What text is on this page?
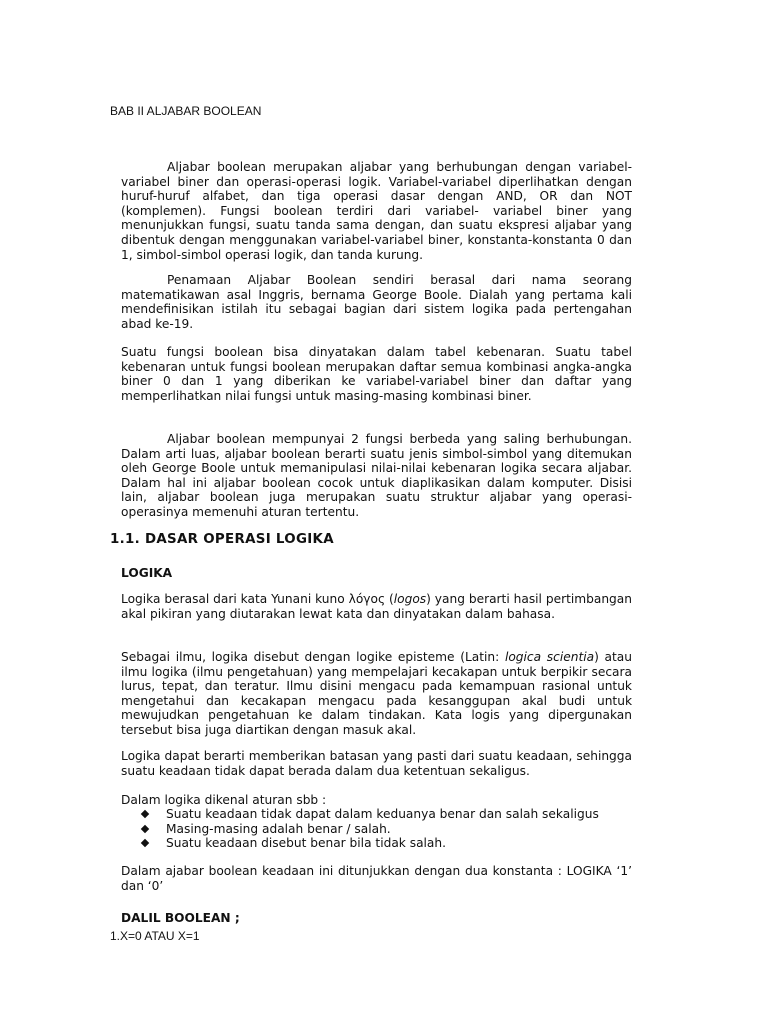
BAB II ALJABAR BOOLEAN

Aljabar boolean merupakan aljabar yang berhubungan dengan variabel-variabel biner dan operasi-operasi logik. Variabel-variabel diperlihatkan dengan huruf-huruf alfabet, dan tiga operasi dasar dengan AND, OR dan NOT (komplemen). Fungsi boolean terdiri dari variabel- variabel biner yang menunjukkan fungsi, suatu tanda sama dengan, dan suatu ekspresi aljabar yang dibentuk dengan menggunakan variabel-variabel biner, konstanta-konstanta 0 dan 1, simbol-simbol operasi logik, dan tanda kurung.

Penamaan Aljabar Boolean sendiri berasal dari nama seorang matematikawan asal Inggris, bernama George Boole. Dialah yang pertama kali mendefinisikan istilah itu sebagai bagian dari sistem logika pada pertengahan abad ke-19.

Suatu fungsi boolean bisa dinyatakan dalam tabel kebenaran. Suatu tabel kebenaran untuk fungsi boolean merupakan daftar semua kombinasi angka-angka biner 0 dan 1 yang diberikan ke variabel-variabel biner dan daftar yang memperlihatkan nilai fungsi untuk masing-masing kombinasi biner.

Aljabar boolean mempunyai 2 fungsi berbeda yang saling berhubungan. Dalam arti luas, aljabar boolean berarti suatu jenis simbol-simbol yang ditemukan oleh George Boole untuk memanipulasi nilai-nilai kebenaran logika secara aljabar. Dalam hal ini aljabar boolean cocok untuk diaplikasikan dalam komputer. Disisi lain, aljabar boolean juga merupakan suatu struktur aljabar yang operasi-operasinya memenuhi aturan tertentu.

1.1. DASAR OPERASI LOGIKA

LOGIKA

Logika berasal dari kata Yunani kuno λόγος (logos) yang berarti hasil pertimbangan akal pikiran yang diutarakan lewat kata dan dinyatakan dalam bahasa.

Sebagai ilmu, logika disebut dengan logike episteme (Latin: logica scientia) atau ilmu logika (ilmu pengetahuan) yang mempelajari kecakapan untuk berpikir secara lurus, tepat, dan teratur. Ilmu disini mengacu pada kemampuan rasional untuk mengetahui dan kecakapan mengacu pada kesanggupan akal budi untuk mewujudkan pengetahuan ke dalam tindakan. Kata logis yang dipergunakan tersebut bisa juga diartikan dengan masuk akal.

Logika dapat berarti memberikan batasan yang pasti dari suatu keadaan, sehingga suatu keadaan tidak dapat berada dalam dua ketentuan sekaligus.

Dalam logika dikenal aturan sbb :

Suatu keadaan tidak dapat dalam keduanya benar dan salah sekaligus
Masing-masing adalah benar / salah.
Suatu keadaan disebut benar bila tidak salah.

Dalam ajabar boolean keadaan ini ditunjukkan dengan dua konstanta : LOGIKA ‘1’ dan ‘0’

DALIL BOOLEAN ;

1.X=0 ATAU X=1
